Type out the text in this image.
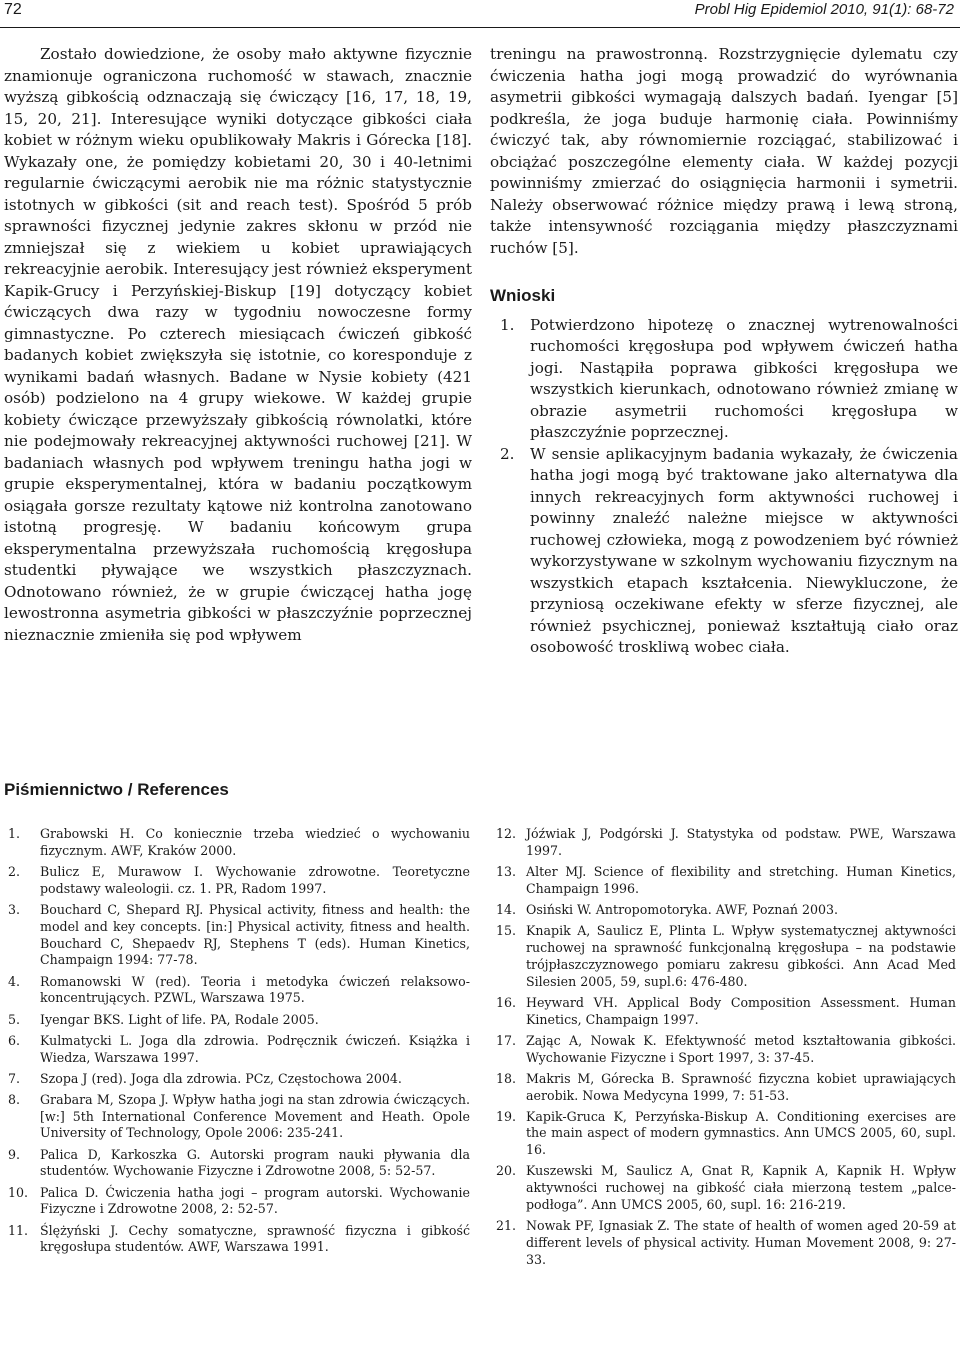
72	Probl Hig Epidemiol 2010, 91(1): 68-72

Zostało dowiedzione, że osoby mało aktywne fizycznie znamionuje ograniczona ruchomość w stawach, znacznie wyższą gibkością odznaczają się ćwiczący [16, 17, 18, 19, 15, 20, 21]. Interesujące wyniki dotyczące gibkości ciała kobiet w różnym wieku opublikowały Makris i Górecka [18]. Wykazały one, że pomiędzy kobietami 20, 30 i 40-letnimi regularnie ćwiczącymi aerobik nie ma różnic statystycznie istotnych w gibkości (sit and reach test). Spośród 5 prób sprawności fizycznej jedynie zakres skłonu w przód nie zmniejszał się z wiekiem u kobiet uprawiających rekreacyjnie aerobik. Interesujący jest również eksperyment Kapik-Grucy i Perzyńskiej-Biskup [19] dotyczący kobiet ćwiczących dwa razy w tygodniu nowoczesne formy gimnastyczne. Po czterech miesiącach ćwiczeń gibkość badanych kobiet zwiększyła się istotnie, co koresponduje z wynikami badań własnych. Badane w Nysie kobiety (421 osób) podzielono na 4 grupy wiekowe. W każdej grupie kobiety ćwiczące przewyższały gibkością równolatki, które nie podejmowały rekreacyjnej aktywności ruchowej [21]. W badaniach własnych pod wpływem treningu hatha jogi w grupie eksperymentalnej, która w badaniu początkowym osiągała gorsze rezultaty kątowe niż kontrolna zanotowano istotną progresję. W badaniu końcowym grupa eksperymentalna przewyższała ruchomością kręgosłupa studentki pływające we wszystkich płaszczyznach. Odnotowano również, że w grupie ćwiczącej hatha jogę lewostronna asymetria gibkości w płaszczyźnie poprzecznej nieznacznie zmieniła się pod wpływem

treningu na prawostronną. Rozstrzygnięcie dylematu czy ćwiczenia hatha jogi mogą prowadzić do wyrównania asymetrii gibkości wymagają dalszych badań. Iyengar [5] podkreśla, że joga buduje harmonię ciała. Powinniśmy ćwiczyć tak, aby równomiernie rozciągać, stabilizować i obciążać poszczególne elementy ciała. W każdej pozycji powinniśmy zmierzać do osiągnięcia harmonii i symetrii. Należy obserwować różnice między prawą i lewą stroną, także intensywność rozciągania między płaszczyznami ruchów [5].

Wnioski
1. Potwierdzono hipotezę o znacznej wytrenowalności ruchomości kręgosłupa pod wpływem ćwiczeń hatha jogi. Nastąpiła poprawa gibkości kręgosłupa we wszystkich kierunkach, odnotowano również zmianę w obrazie asymetrii ruchomości kręgosłupa w płaszczyźnie poprzecznej.
2. W sensie aplikacyjnym badania wykazały, że ćwiczenia hatha jogi mogą być traktowane jako alternatywa dla innych rekreacyjnych form aktywności ruchowej i powinny znaleźć należne miejsce w aktywności ruchowej człowieka, mogą z powodzeniem być również wykorzystywane w szkolnym wychowaniu fizycznym na wszystkich etapach kształcenia. Niewykluczone, że przyniosą oczekiwane efekty w sferze fizycznej, ale również psychicznej, ponieważ kształtują ciało oraz osobowość troskliwą wobec ciała.
Piśmiennictwo / References
1.	Grabowski H. Co koniecznie trzeba wiedzieć o wychowaniu fizycznym. AWF, Kraków 2000.
2.	Bulicz E, Murawow I. Wychowanie zdrowotne. Teoretyczne podstawy waleologii. cz. 1. PR, Radom 1997.
3.	Bouchard C, Shepard RJ. Physical activity, fitness and health: the model and key concepts. [in:] Physical activity, fitness and health. Bouchard C, Shepaedv RJ, Stephens T (eds). Human Kinetics, Champaign 1994: 77-78.
4.	Romanowski W (red). Teoria i metodyka ćwiczeń relaksowo-koncentrujących. PZWL, Warszawa 1975.
5.	Iyengar BKS. Light of life. PA, Rodale 2005.
6.	Kulmatycki L. Joga dla zdrowia. Podręcznik ćwiczeń. Książka i Wiedza, Warszawa 1997.
7.	Szopa J (red). Joga dla zdrowia. PCz, Częstochowa 2004.
8.	Grabara M, Szopa J. Wpływ hatha jogi na stan zdrowia ćwiczących. [w:] 5th International Conference Movement and Heath. Opole University of Technology, Opole 2006: 235-241.
9.	Palica D, Karkoszka G. Autorski program nauki pływania dla studentów. Wychowanie Fizyczne i Zdrowotne 2008, 5: 52-57.
10. Palica D. Ćwiczenia hatha jogi – program autorski. Wychowanie Fizyczne i Zdrowotne 2008, 2: 52-57.
11. Ślężyński J. Cechy somatyczne, sprawność fizyczna i gibkość kręgosłupa studentów. AWF, Warszawa 1991.
12. Jóźwiak J, Podgórski J. Statystyka od podstaw. PWE, Warszawa 1997.
13. Alter MJ. Science of flexibility and stretching. Human Kinetics, Champaign 1996.
14. Osiński W. Antropomotoryka. AWF, Poznań 2003.
15. Knapik A, Saulicz E, Plinta L. Wpływ systematycznej aktywności ruchowej na sprawność funkcjonalną kręgosłupa – na podstawie trójpłaszczyznowego pomiaru zakresu gibkości. Ann Acad Med Silesien 2005, 59, supl.6: 476-480.
16. Heyward VH. Applical Body Composition Assessment. Human Kinetics, Champaign 1997.
17. Zając A, Nowak K. Efektywność metod kształtowania gibkości. Wychowanie Fizyczne i Sport 1997, 3: 37-45.
18. Makris M, Górecka B. Sprawność fizyczna kobiet uprawiających aerobik. Nowa Medycyna 1999, 7: 51-53.
19. Kapik-Gruca K, Perzyńska-Biskup A. Conditioning exercises are the main aspect of modern gymnastics. Ann UMCS 2005, 60, supl. 16.
20. Kuszewski M, Saulicz A, Gnat R, Kapnik A, Kapnik H. Wpływ aktywności ruchowej na gibkość ciała mierzoną testem „palce-podłoga”. Ann UMCS 2005, 60, supl. 16: 216-219.
21. Nowak PF, Ignasiak Z. The state of health of women aged 20-59 at different levels of physical activity. Human Movement 2008, 9: 27-33.
